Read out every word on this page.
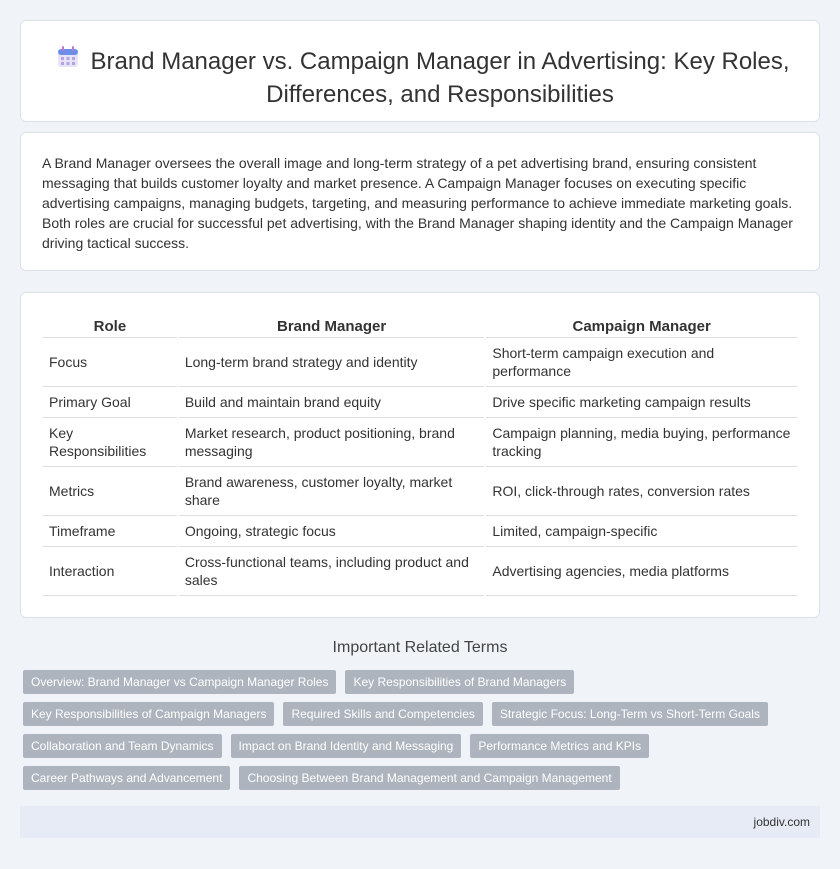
Brand Manager vs. Campaign Manager in Advertising: Key Roles, Differences, and Responsibilities

A Brand Manager oversees the overall image and long-term strategy of a pet advertising brand, ensuring consistent messaging that builds customer loyalty and market presence. A Campaign Manager focuses on executing specific advertising campaigns, managing budgets, targeting, and measuring performance to achieve immediate marketing goals. Both roles are crucial for successful pet advertising, with the Brand Manager shaping identity and the Campaign Manager driving tactical success.

Role	Brand Manager	Campaign Manager
Focus	Long-term brand strategy and identity	Short-term campaign execution and performance
Primary Goal	Build and maintain brand equity	Drive specific marketing campaign results
Key Responsibilities	Market research, product positioning, brand messaging	Campaign planning, media buying, performance tracking
Metrics	Brand awareness, customer loyalty, market share	ROI, click-through rates, conversion rates
Timeframe	Ongoing, strategic focus	Limited, campaign-specific
Interaction	Cross-functional teams, including product and sales	Advertising agencies, media platforms
Important Related Terms
Overview: Brand Manager vs Campaign Manager Roles	Key Responsibilities of Brand Managers
Key Responsibilities of Campaign Managers	Required Skills and Competencies	Strategic Focus: Long-Term vs Short-Term Goals
Collaboration and Team Dynamics	Impact on Brand Identity and Messaging	Performance Metrics and KPIs
Career Pathways and Advancement	Choosing Between Brand Management and Campaign Management
jobdiv.com
